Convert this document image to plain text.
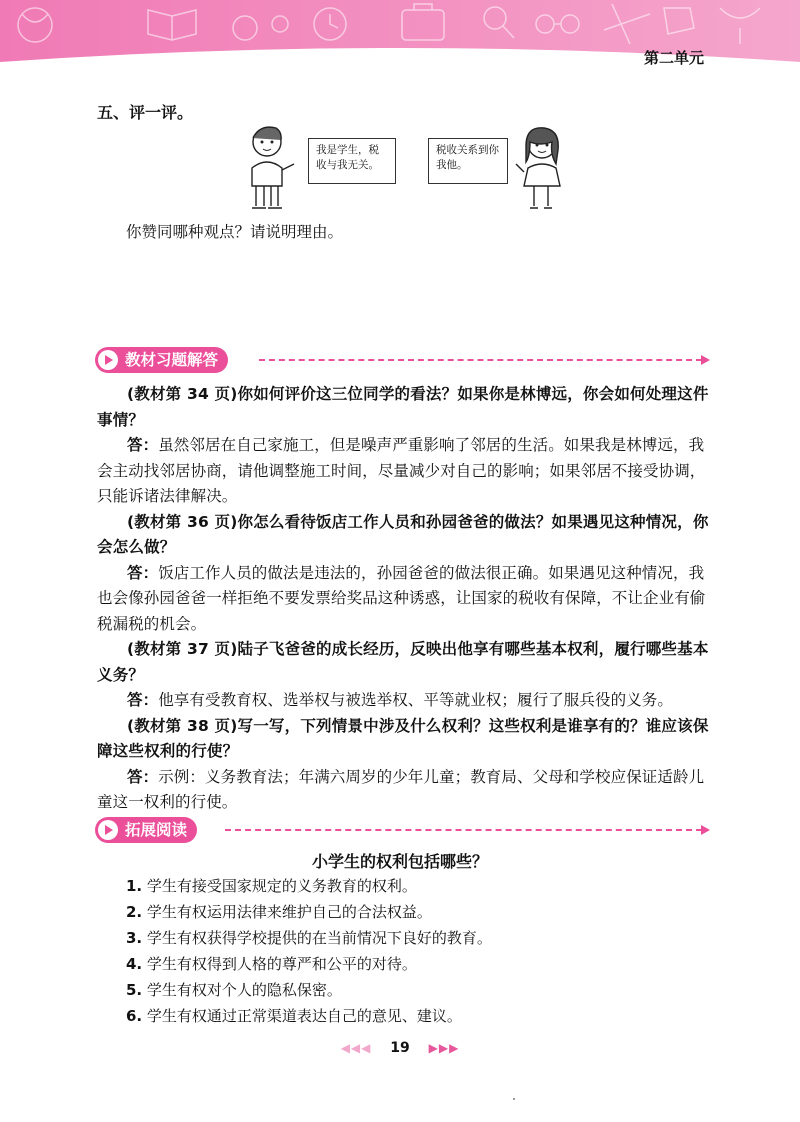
第二单元
五、评一评。
我是学生，税收与我无关。
税收关系到你我他。
你赞同哪种观点？请说明理由。
教材习题解答
(教材第 34 页)你如何评价这三位同学的看法？如果你是林博远，你会如何处理这件事情？
答：虽然邻居在自己家施工，但是噪声严重影响了邻居的生活。如果我是林博远，我会主动找邻居协商，请他调整施工时间，尽量减少对自己的影响；如果邻居不接受协调，只能诉诸法律解决。
(教材第 36 页)你怎么看待饭店工作人员和孙园爸爸的做法？如果遇见这种情况，你会怎么做？
答：饭店工作人员的做法是违法的，孙园爸爸的做法很正确。如果遇见这种情况，我也会像孙园爸爸一样拒绝不要发票给奖品这种诱惑，让国家的税收有保障，不让企业有偷税漏税的机会。
(教材第 37 页)陆子飞爸爸的成长经历，反映出他享有哪些基本权利，履行哪些基本义务？
答：他享有受教育权、选举权与被选举权、平等就业权；履行了服兵役的义务。
(教材第 38 页)写一写，下列情景中涉及什么权利？这些权利是谁享有的？谁应该保障这些权利的行使？
答：示例：义务教育法；年满六周岁的少年儿童；教育局、父母和学校应保证适龄儿童这一权利的行使。
拓展阅读
小学生的权利包括哪些？
1. 学生有接受国家规定的义务教育的权利。
2. 学生有权运用法律来维护自己的合法权益。
3. 学生有权获得学校提供的在当前情况下良好的教育。
4. 学生有权得到人格的尊严和公平的对待。
5. 学生有权对个人的隐私保密。
6. 学生有权通过正常渠道表达自己的意见、建议。
◀◀◀ 19 ▶▶▶
